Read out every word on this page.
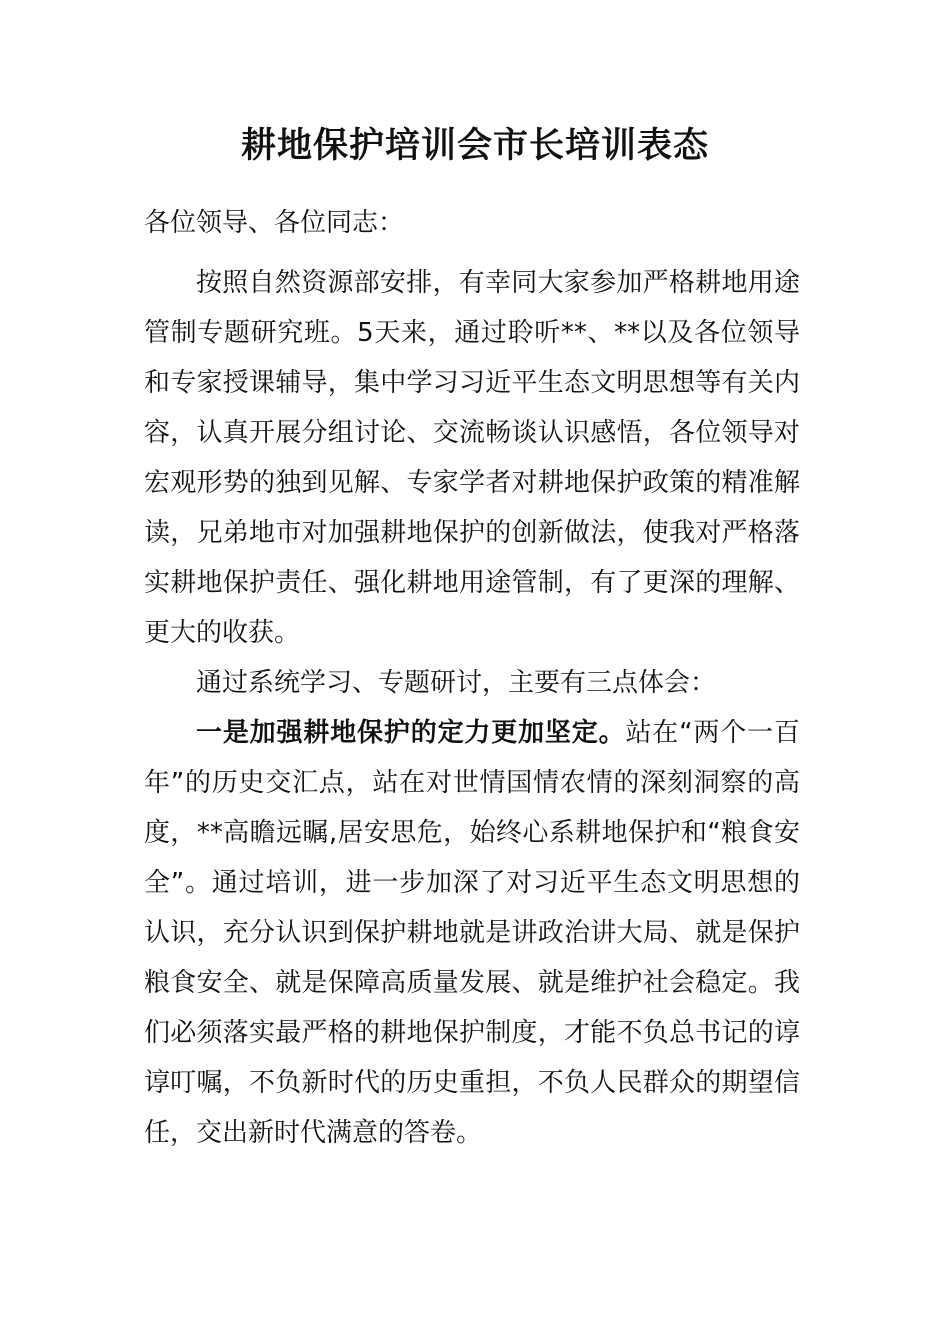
耕地保护培训会市长培训表态

各位领导、各位同志：

按照自然资源部安排，有幸同大家参加严格耕地用途管制专题研究班。5天来，通过聆听**、**以及各位领导和专家授课辅导，集中学习习近平生态文明思想等有关内容，认真开展分组讨论、交流畅谈认识感悟，各位领导对宏观形势的独到见解、专家学者对耕地保护政策的精准解读，兄弟地市对加强耕地保护的创新做法，使我对严格落实耕地保护责任、强化耕地用途管制，有了更深的理解、更大的收获。

通过系统学习、专题研讨，主要有三点体会：

一是加强耕地保护的定力更加坚定。站在“两个一百年”的历史交汇点，站在对世情国情农情的深刻洞察的高度，**高瞻远瞩,居安思危，始终心系耕地保护和“粮食安全”。通过培训，进一步加深了对习近平生态文明思想的认识，充分认识到保护耕地就是讲政治讲大局、就是保护粮食安全、就是保障高质量发展、就是维护社会稳定。我们必须落实最严格的耕地保护制度，才能不负总书记的谆谆叮嘱，不负新时代的历史重担，不负人民群众的期望信任，交出新时代满意的答卷。
